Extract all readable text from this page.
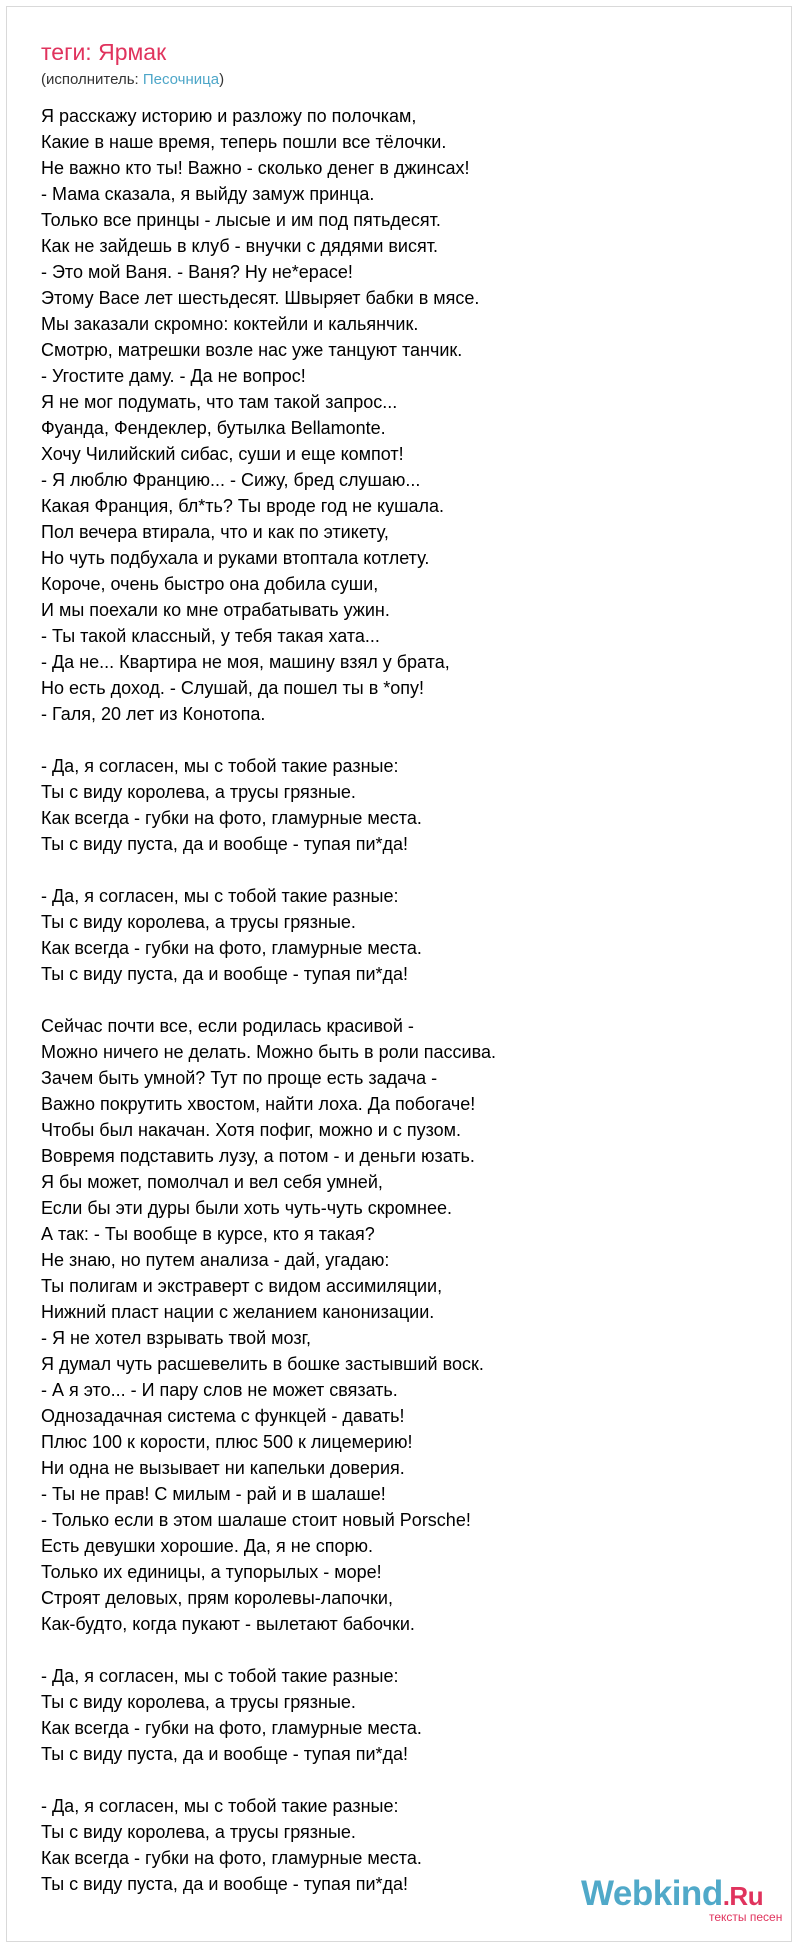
теги: Ярмак
(исполнитель: Песочница)
Я расскажу историю и разложу по полочкам,
Какие в наше время, теперь пошли все тёлочки.
Не важно кто ты! Важно - сколько денег в джинсах!
- Мама сказала, я выйду замуж принца.
Только все принцы - лысые и им под пятьдесят.
Как не зайдешь в клуб - внучки с дядями висят.
- Это мой Ваня. - Ваня? Ну не*ерасе!
Этому Васе лет шестьдесят. Швыряет бабки в мясе.
Мы заказали скромно: коктейли и кальянчик.
Смотрю, матрешки возле нас уже танцуют танчик.
- Угостите даму. - Да не вопрос!
Я не мог подумать, что там такой запрос...
Фуанда, Фендеклер, бутылка Bellamonte.
Хочу Чилийский сибас, суши и еще компот!
- Я люблю Францию... - Сижу, бред слушаю...
Какая Франция, бл*ть? Ты вроде год не кушала.
Пол вечера втирала, что и как по этикету,
Но чуть подбухала и руками втоптала котлету.
Короче, очень быстро она добила суши,
И мы поехали ко мне отрабатывать ужин.
- Ты такой классный, у тебя такая хата...
- Да не... Квартира не моя, машину взял у брата,
Но есть доход. - Слушай, да пошел ты в *опу!
- Галя, 20 лет из Конотопа.
- Да, я согласен, мы с тобой такие разные:
Ты с виду королева, а трусы грязные.
Как всегда - губки на фото, гламурные места.
Ты с виду пуста, да и вообще - тупая пи*да!
- Да, я согласен, мы с тобой такие разные:
Ты с виду королева, а трусы грязные.
Как всегда - губки на фото, гламурные места.
Ты с виду пуста, да и вообще - тупая пи*да!
Сейчас почти все, если родилась красивой -
Можно ничего не делать. Можно быть в роли пассива.
Зачем быть умной? Тут по проще есть задача -
Важно покрутить хвостом, найти лоха. Да побогаче!
Чтобы был накачан. Хотя пофиг, можно и с пузом.
Вовремя подставить лузу, а потом - и деньги юзать.
Я бы может, помолчал и вел себя умней,
Если бы эти дуры были хоть чуть-чуть скромнее.
А так: - Ты вообще в курсе, кто я такая?
Не знаю, но путем анализа - дай, угадаю:
Ты полигам и экстраверт с видом ассимиляции,
Нижний пласт нации с желанием канонизации.
- Я не хотел взрывать твой мозг,
Я думал чуть расшевелить в бошке застывший воск.
- А я это... - И пару слов не может связать.
Однозадачная система с функцей - давать!
Плюс 100 к корости, плюс 500 к лицемерию!
Ни одна не вызывает ни капельки доверия.
- Ты не прав! С милым - рай и в шалаше!
- Только если в этом шалаше стоит новый Porsche!
Есть девушки хорошие. Да, я не спорю.
Только их единицы, а тупорылых - море!
Строят деловых, прям королевы-лапочки,
Как-будто, когда пукают - вылетают бабочки.
- Да, я согласен, мы с тобой такие разные:
Ты с виду королева, а трусы грязные.
Как всегда - губки на фото, гламурные места.
Ты с виду пуста, да и вообще - тупая пи*да!
- Да, я согласен, мы с тобой такие разные:
Ты с виду королева, а трусы грязные.
Как всегда - губки на фото, гламурные места.
Ты с виду пуста, да и вообще - тупая пи*да!	Webkind.Ru
тексты песен
